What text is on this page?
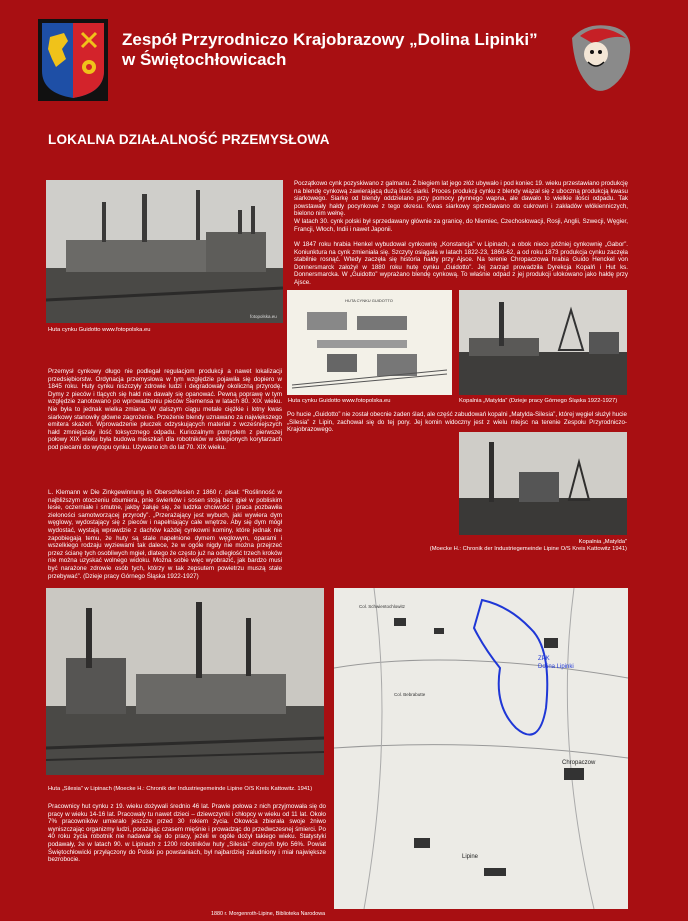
Zespół Przyrodniczo Krajobrazowy „Dolina Lipinki”
w Świętochłowicach
LOKALNA DZIAŁALNOŚĆ PRZEMYSŁOWA
fotopolska.eu
Huta cynku Guidotto www.fotopolska.eu
Początkowo cynk pozyskiwano z galmanu. Z biegiem lat jego złóż ubywało i pod koniec 19. wieku przestawiano produkcję na blendę cynkową zawierającą dużą ilość siarki. Proces produkcji cynku z blendy wiązał się z uboczną produkcją kwasu siarkowego. Siarkę od blendy oddzielano przy pomocy płynnego wapna, ale dawało to wielkie ilości odpadu. Tak powstawały hałdy pocynkowe z tego okresu. Kwas siarkowy sprzedawano do cukrowni i zakładów włókienniczych, bielono nim wełnę.
W latach 30. cynk polski był sprzedawany głównie za granicę, do Niemiec, Czechosłowacji, Rosji, Anglii, Szwecji, Węgier, Francji, Włoch, Indii i nawet Japonii.
W 1847 roku hrabia Henkel wybudował cynkownię „Konstancja” w Lipinach, a obok nieco później cynkownię „Gabor”. Koniunktura na cynk zmieniała się. Szczyty osiągała w latach 1822-23, 1860-62, a od roku 1873 produkcja cynku zaczęła stabilnie rosnąć. Wtedy zaczęła się historia hałdy przy Ajsce. Na terenie Chropaczowa hrabia Guido Henckel von Donnersmarck założył w 1880 roku hutę cynku „Guidotto”. Jej zarząd prowadziła Dyrekcja Kopalń i Hut ks. Donnersmarcka. W „Guidotto” wyprażano blendę cynkową. To właśnie odpad z jej produkcji ulokowano jako hałdę przy Ajsce.
HUTA CYNKU GUIDOTTO
Huta cynku Guidotto www.fotopolska.eu	Kopalnia „Matylda” (Dzieje pracy Górnego Śląska 1922-1927)
Po hucie „Guidotto” nie został obecnie żaden ślad, ale część zabudowań kopalni „Matylda-Silesia”, której węgiel służył hucie „Silesia” z Lipin, zachował się do tej pory. Jej komin widoczny jest z wielu miejsc na terenie Zespołu Przyrodniczo-Krajobrazowego.
Kopalnia „Matylda”
(Moecke H.: Chronik der Industriegemeinde Lipine O/S Kreis Kattowitz 1941)
Przemysł cynkowy długo nie podlegał regulacjom produkcji a nawet lokalizacji przedsiębiorstw. Ordynacja przemysłowa w tym względzie pojawiła się dopiero w 1845 roku. Huty cynku niszczyły zdrowie ludzi i degradowały okoliczną przyrodę. Dymy z pieców i tlących się hałd nie dawały się opanować. Pewną poprawę w tym względzie zanotowano po wprowadzeniu pieców Siemensa w latach 80. XIX wieku. Nie była to jednak wielka zmiana. W dalszym ciągu metale ciężkie i lotny kwas siarkowy stanowiły główne zagrożenie. Przeżenie blendy uznawano za największego emitera skażeń. Wprowadzenie płuczek odzyskujących materiał z wcześniejszych hałd zmniejszały ilość toksycznego odpadu. Kuriozalnym pomysłem z pierwszej połowy XIX wieku była budowa mieszkań dla robotników w sklepionych korytarzach pod piecami do wytopu cynku. Używano ich do lat 70. XIX wieku.
L. Klemann w Die Zinkgewinnung in Oberschlesien z 1860 r. pisał: “Roślinność w najbliższym otoczeniu obumiera, pnie świerków i sosen stoją bez igieł w pobliskim lesie, oczerniałe i smutne, jakby żałuje się, że ludzka chciwość i praca pozbawiła zieloności samotworzącej przyrody”. „Przerażający jest wybuch, jaki wywiera dym węglowy, wydostający się z pieców i napełniający całe wnętrze. Aby się dym mógł wydostać, wystają wprawdzie z dachów każdej cynkowni kominy, które jednak nie zapobiegają temu, że huty są stale napełnione dymem węglowym, oparami i wszelkiego rodzaju wyziewami tak dalece, że w ogóle nigdy nie można przejrzeć przez ścianę tych osobliwych mgieł, dlatego że często już na odległość trzech kroków nie można uzyskać wolnego widoku. Można sobie więc wyobrazić, jak bardzo musi być narażone zdrowie osób tych, którzy w tak zepsutem powietrzu muszą stale przebywać”. (Dzieje pracy Górnego Śląska 1922-1927)
Huta „Silesia” w Lipinach (Moecke H.: Chronik der Industriegemeinde Lipine O/S Kreis Kattowitz. 1941)
Pracownicy hut cynku z 19. wieku dożywali średnio 46 lat. Prawie połowa z nich przyjmowała się do pracy w wieku 14-16 lat. Pracowały tu nawet dzieci – dziewczynki i chłopcy w wieku od 11 lat. Około 7% pracowników umierało jeszcze przed 30 rokiem życia. Okowica zbierała swoje żniwo wyniszczając organizmy ludzi, porażając czasem mięśnie i prowadząc do przedwczesnej śmierci. Po 40 roku życia robotnik nie nadawał się do pracy, jeżeli w ogóle dożył takiego wieku. Statystyki podawały, że w latach 90. w Lipinach z 1200 robotników huty „Silesia” chorych było 56%. Powiat Świętochłowicki przyłączony do Polski po powstaniach, był najbardziej zaludniony i miał największe bezrobocie.
Col. Schwientochlowitz
Chropaczow
Lipine
Col. Bebrabutte
ZPK
Dolina Lipinki
1880 r. Morgenroth-Lipine, Biblioteka Narodowa
